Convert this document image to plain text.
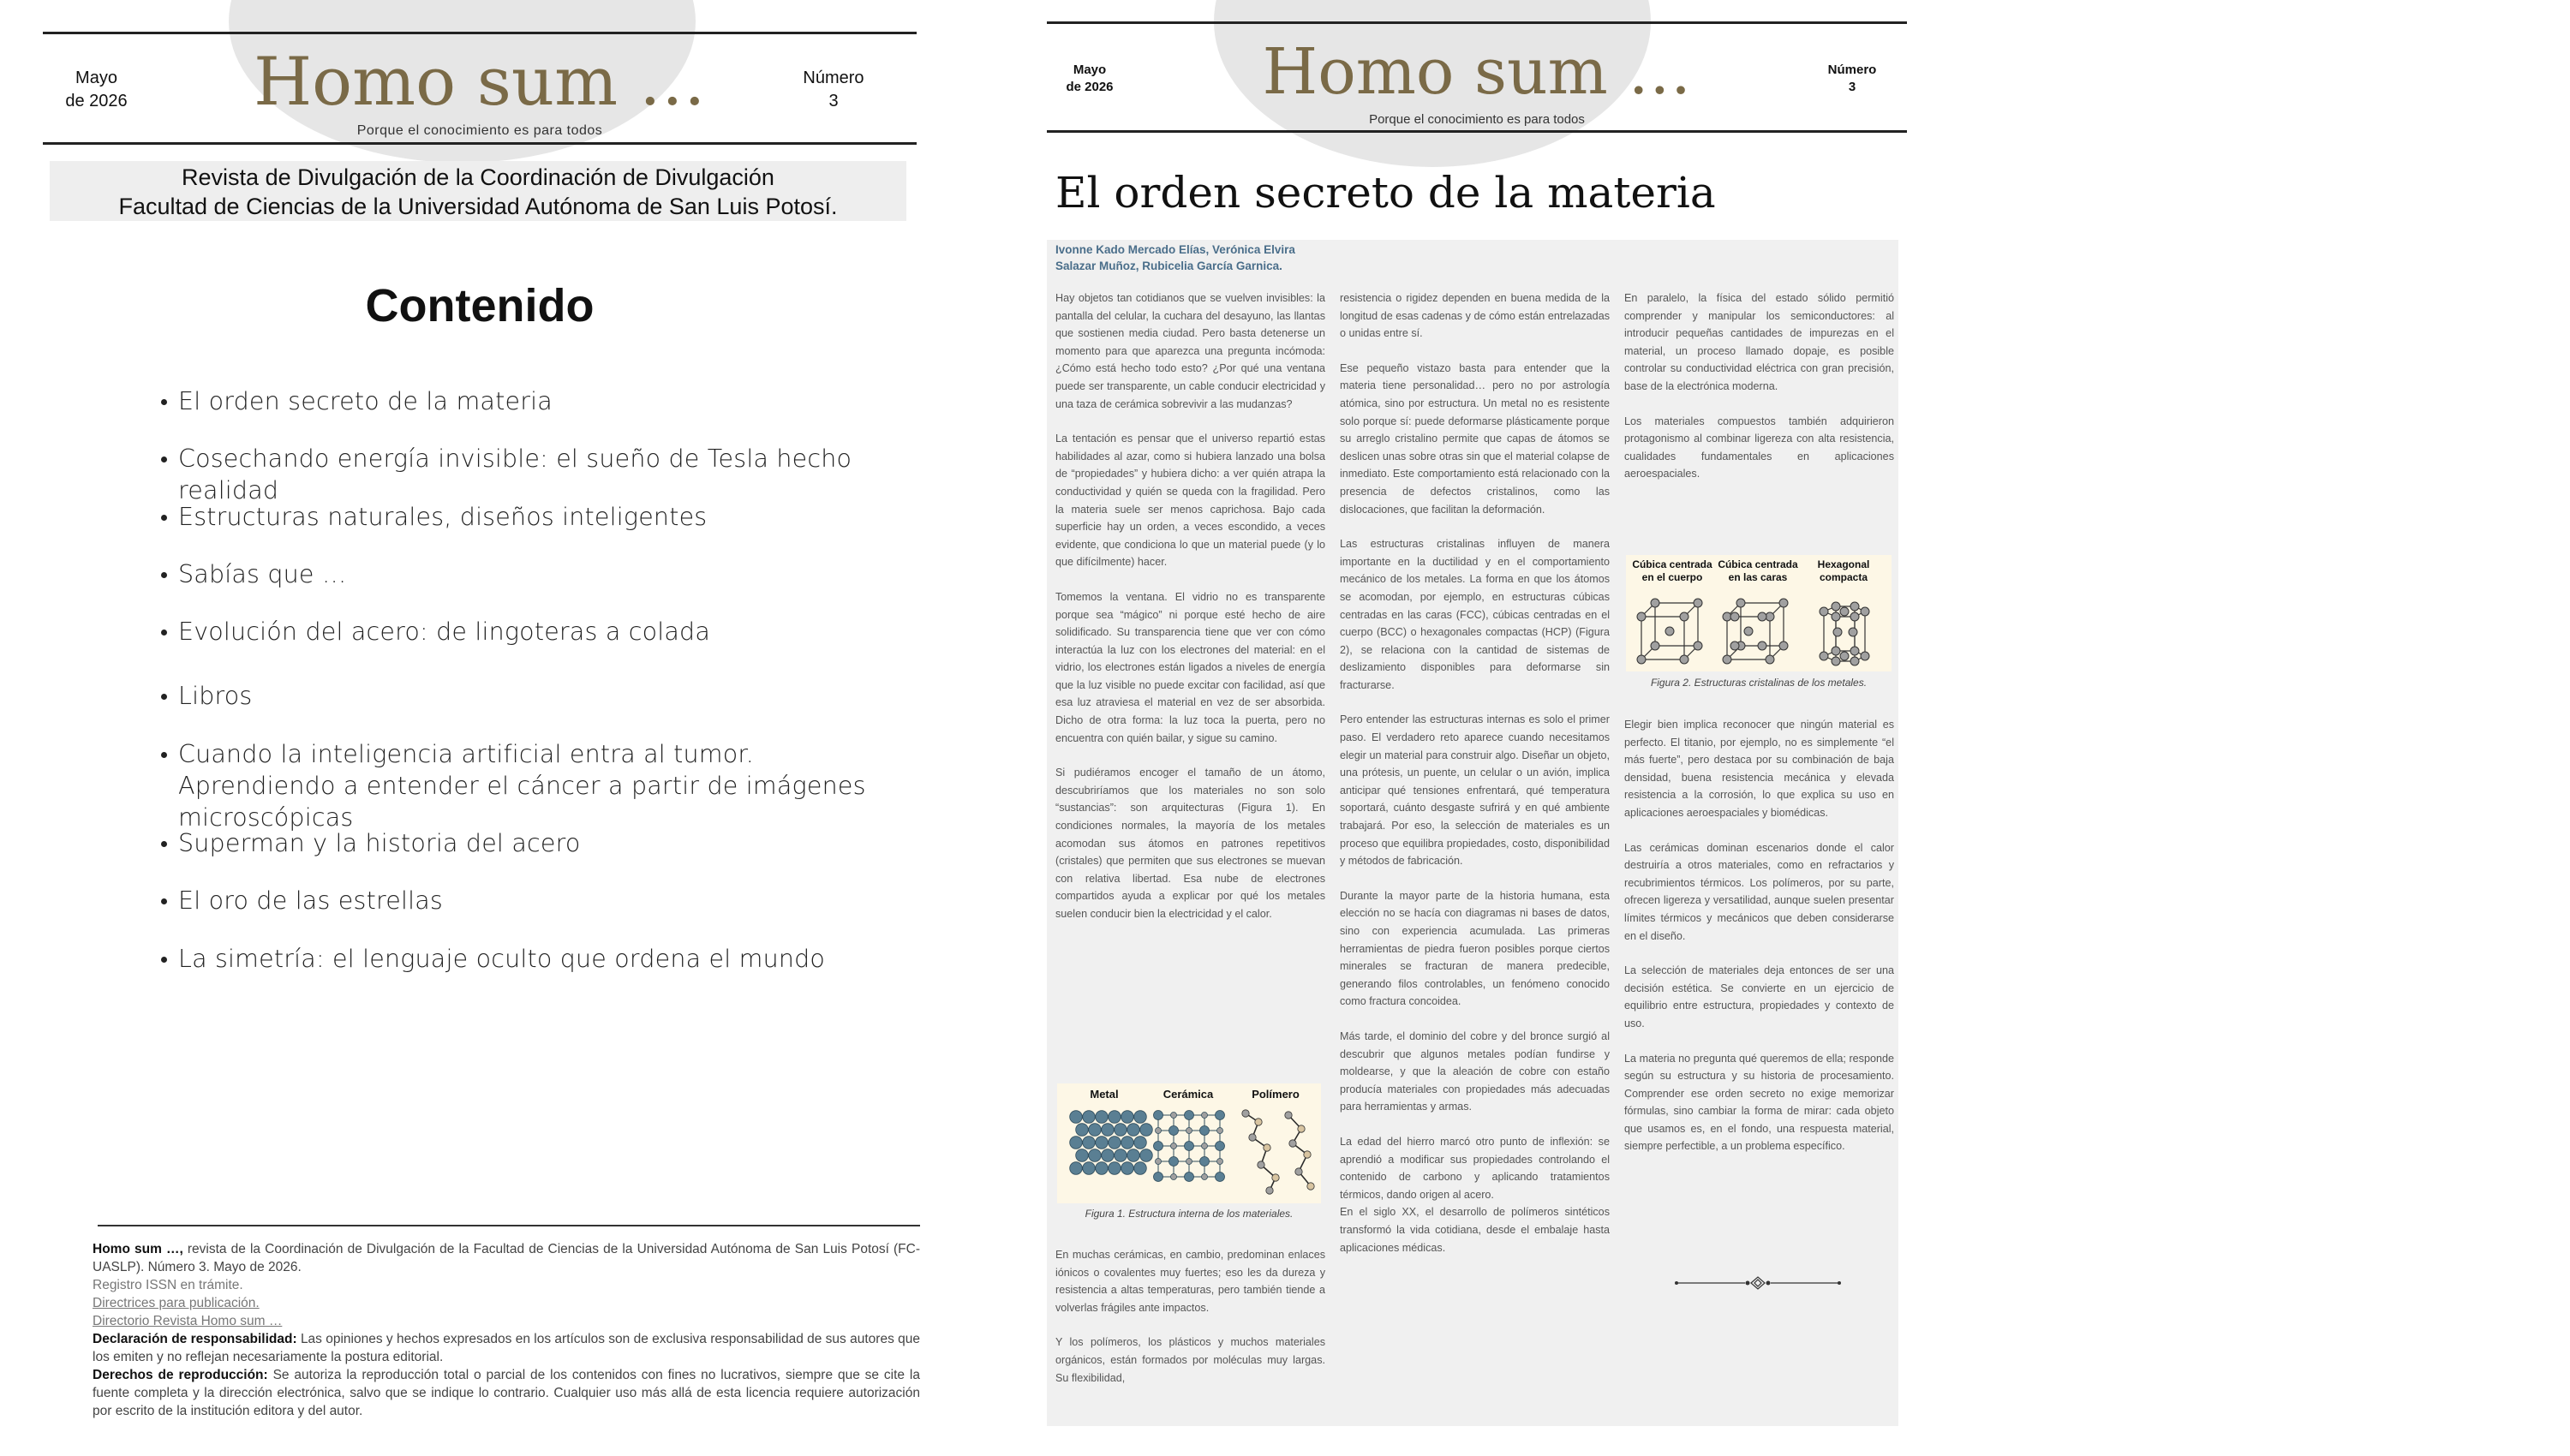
Mayo
de 2026	Homo sum …	Número
3
Porque el conocimiento es para todos

Revista de Divulgación de la Coordinación de Divulgación

Facultad de Ciencias de la Universidad Autónoma de San Luis Potosí.

Contenido
El orden secreto de la materia
Cosechando energía invisible: el sueño de Tesla hecho realidad
Estructuras naturales, diseños inteligentes
Sabías que …
Evolución del acero: de lingoteras a colada
Libros
Cuando la inteligencia artificial entra al tumor. Aprendiendo a entender el cáncer a partir de imágenes microscópicas
Superman y la historia del acero
El oro de las estrellas
La simetría: el lenguaje oculto que ordena el mundo
Homo sum …, revista de la Coordinación de Divulgación de la Facultad de Ciencias de la Universidad Autónoma de San Luis Potosí (FC-UASLP). Número 3. Mayo de 2026.
Registro ISSN en trámite.
Directrices para publicación.
Directorio Revista Homo sum …
Declaración de responsabilidad: Las opiniones y hechos expresados en los artículos son de exclusiva responsabilidad de sus autores que los emiten y no reflejan necesariamente la postura editorial.
Derechos de reproducción: Se autoriza la reproducción total o parcial de los contenidos con fines no lucrativos, siempre que se cite la fuente completa y la dirección electrónica, salvo que se indique lo contrario. Cualquier uso más allá de esta licencia requiere autorización por escrito de la institución editora y del autor.
Mayo
de 2026	Homo sum …	Número
3
Porque el conocimiento es para todos
El orden secreto de la materia
Ivonne Kado Mercado Elías, Verónica Elvira Salazar Muñoz, Rubicelia García Garnica.

Hay objetos tan cotidianos que se vuelven invisibles: la pantalla del celular, la cuchara del desayuno, las llantas que sostienen media ciudad. Pero basta detenerse un momento para que aparezca una pregunta incómoda: ¿Cómo está hecho todo esto? ¿Por qué una ventana puede ser transparente, un cable conducir electricidad y una taza de cerámica sobrevivir a las mudanzas?

La tentación es pensar que el universo repartió estas habilidades al azar, como si hubiera lanzado una bolsa de “propiedades” y hubiera dicho: a ver quién atrapa la conductividad y quién se queda con la fragilidad. Pero la materia suele ser menos caprichosa. Bajo cada superficie hay un orden, a veces escondido, a veces evidente, que condiciona lo que un material puede (y lo que difícilmente) hacer.

Tomemos la ventana. El vidrio no es transparente porque sea “mágico” ni porque esté hecho de aire solidificado. Su transparencia tiene que ver con cómo interactúa la luz con los electrones del material: en el vidrio, los electrones están ligados a niveles de energía que la luz visible no puede excitar con facilidad, así que esa luz atraviesa el material en vez de ser absorbida. Dicho de otra forma: la luz toca la puerta, pero no encuentra con quién bailar, y sigue su camino.

Si pudiéramos encoger el tamaño de un átomo, descubriríamos que los materiales no son solo “sustancias”: son arquitecturas (Figura 1). En condiciones normales, la mayoría de los metales acomodan sus átomos en patrones repetitivos (cristales) que permiten que sus electrones se muevan con relativa libertad. Esa nube de electrones compartidos ayuda a explicar por qué los metales suelen conducir bien la electricidad y el calor.

Metal	Cerámica	Polímero
Figura 1. Estructura interna de los materiales.

En muchas cerámicas, en cambio, predominan enlaces iónicos o covalentes muy fuertes; eso les da dureza y resistencia a altas temperaturas, pero también tiende a volverlas frágiles ante impactos.

Y los polímeros, los plásticos y muchos materiales orgánicos, están formados por moléculas muy largas. Su flexibilidad,

resistencia o rigidez dependen en buena medida de la longitud de esas cadenas y de cómo están entrelazadas o unidas entre sí.

Ese pequeño vistazo basta para entender que la materia tiene personalidad… pero no por astrología atómica, sino por estructura. Un metal no es resistente solo porque sí: puede deformarse plásticamente porque su arreglo cristalino permite que capas de átomos se deslicen unas sobre otras sin que el material colapse de inmediato. Este comportamiento está relacionado con la presencia de defectos cristalinos, como las dislocaciones, que facilitan la deformación.

Las estructuras cristalinas influyen de manera importante en la ductilidad y en el comportamiento mecánico de los metales. La forma en que los átomos se acomodan, por ejemplo, en estructuras cúbicas centradas en las caras (FCC), cúbicas centradas en el cuerpo (BCC) o hexagonales compactas (HCP) (Figura 2), se relaciona con la cantidad de sistemas de deslizamiento disponibles para deformarse sin fracturarse.

Pero entender las estructuras internas es solo el primer paso. El verdadero reto aparece cuando necesitamos elegir un material para construir algo. Diseñar un objeto, una prótesis, un puente, un celular o un avión, implica anticipar qué tensiones enfrentará, qué temperatura soportará, cuánto desgaste sufrirá y en qué ambiente trabajará. Por eso, la selección de materiales es un proceso que equilibra propiedades, costo, disponibilidad y métodos de fabricación.

Durante la mayor parte de la historia humana, esta elección no se hacía con diagramas ni bases de datos, sino con experiencia acumulada. Las primeras herramientas de piedra fueron posibles porque ciertos minerales se fracturan de manera predecible, generando filos controlables, un fenómeno conocido como fractura concoidea.

Más tarde, el dominio del cobre y del bronce surgió al descubrir que algunos metales podían fundirse y moldearse, y que la aleación de cobre con estaño producía materiales con propiedades más adecuadas para herramientas y armas.

La edad del hierro marcó otro punto de inflexión: se aprendió a modificar sus propiedades controlando el contenido de carbono y aplicando tratamientos térmicos, dando origen al acero.
En el siglo XX, el desarrollo de polímeros sintéticos transformó la vida cotidiana, desde el embalaje hasta aplicaciones médicas.

En paralelo, la física del estado sólido permitió comprender y manipular los semiconductores: al introducir pequeñas cantidades de impurezas en el material, un proceso llamado dopaje, es posible controlar su conductividad eléctrica con gran precisión, base de la electrónica moderna.

Los materiales compuestos también adquirieron protagonismo al combinar ligereza con alta resistencia, cualidades fundamentales en aplicaciones aeroespaciales.

Cúbica centrada en el cuerpo
Cúbica centrada en las caras
Hexagonal compacta
Figura 2. Estructuras cristalinas de los metales.

Elegir bien implica reconocer que ningún material es perfecto. El titanio, por ejemplo, no es simplemente “el más fuerte”, pero destaca por su combinación de baja densidad, buena resistencia mecánica y elevada resistencia a la corrosión, lo que explica su uso en aplicaciones aeroespaciales y biomédicas.

Las cerámicas dominan escenarios donde el calor destruiría a otros materiales, como en refractarios y recubrimientos térmicos. Los polímeros, por su parte, ofrecen ligereza y versatilidad, aunque suelen presentar límites térmicos y mecánicos que deben considerarse en el diseño.

La selección de materiales deja entonces de ser una decisión estética. Se convierte en un ejercicio de equilibrio entre estructura, propiedades y contexto de uso.

La materia no pregunta qué queremos de ella; responde según su estructura y su historia de procesamiento. Comprender ese orden secreto no exige memorizar fórmulas, sino cambiar la forma de mirar: cada objeto que usamos es, en el fondo, una respuesta material, siempre perfectible, a un problema específico.
